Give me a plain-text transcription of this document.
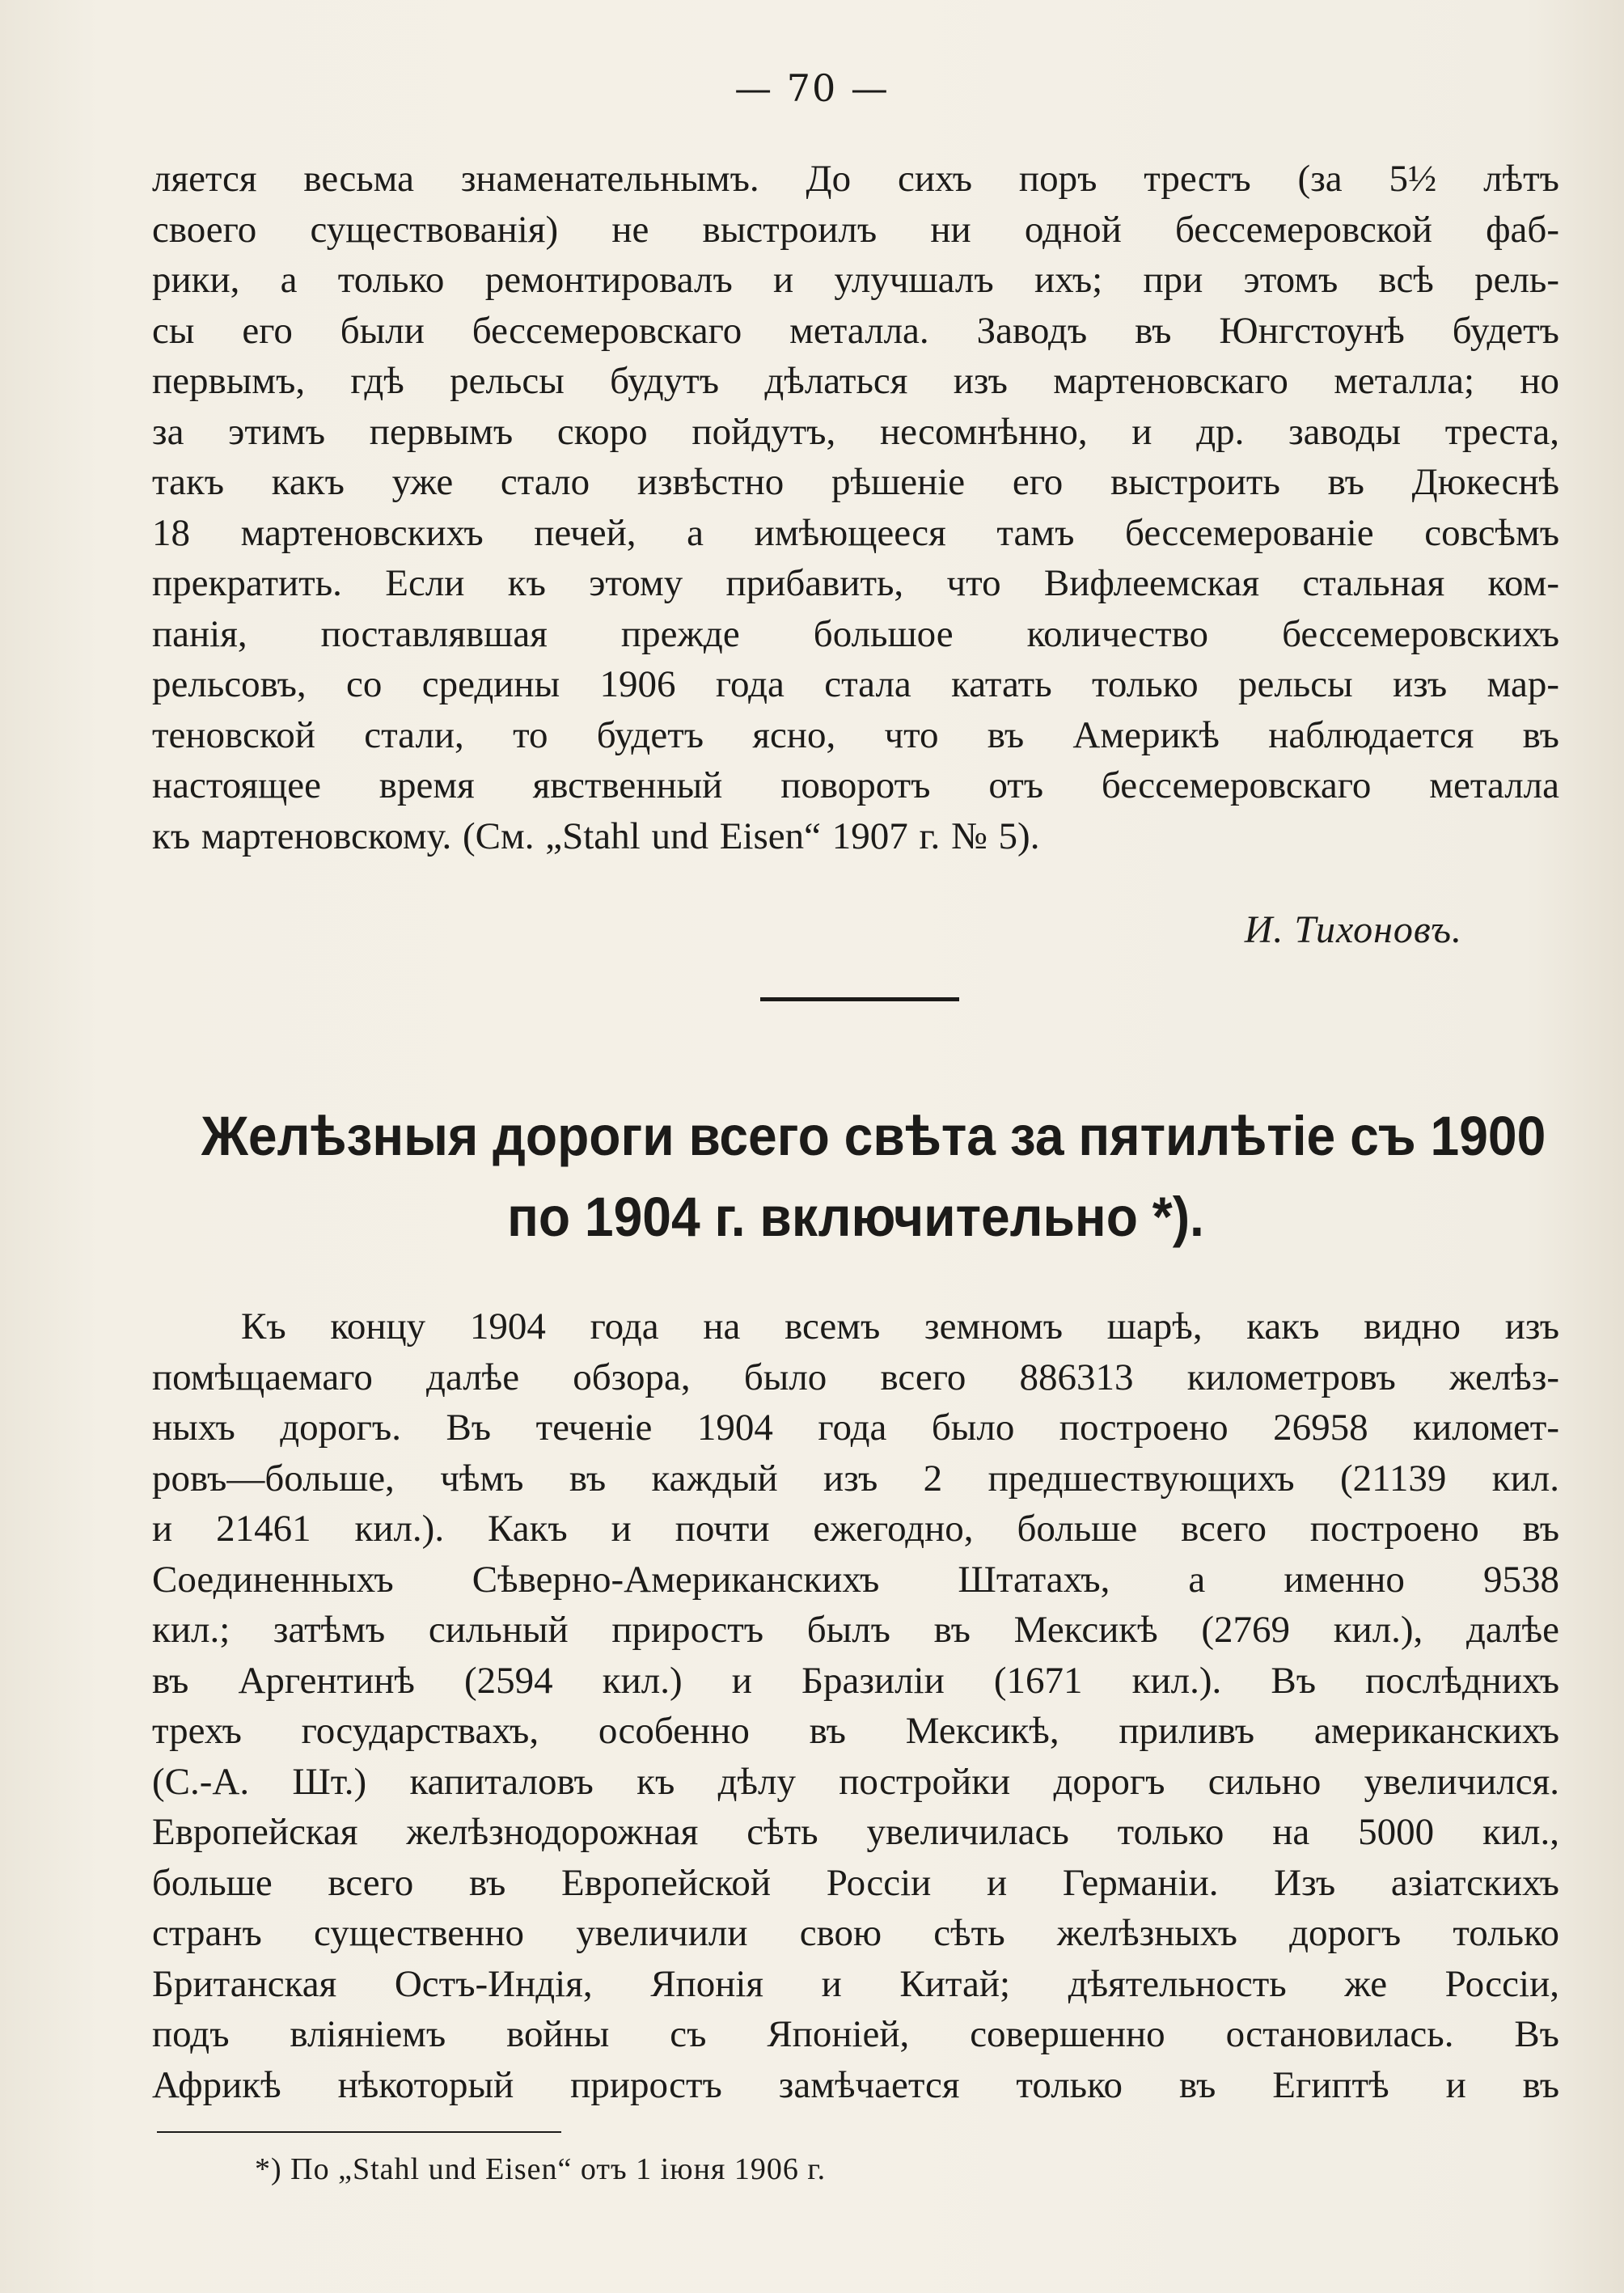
— 70 —
ляется весьма знаменательнымъ. До сихъ поръ трестъ (за 5½ лѣтъ
своего существованія) не выстроилъ ни одной бессемеровской фаб-
рики, а только ремонтировалъ и улучшалъ ихъ; при этомъ всѣ рель-
сы его были бессемеровскаго металла. Заводъ въ Юнгстоунѣ будетъ
первымъ, гдѣ рельсы будутъ дѣлаться изъ мартеновскаго металла; но
за этимъ первымъ скоро пойдутъ, несомнѣнно, и др. заводы треста,
такъ какъ уже стало извѣстно рѣшеніе его выстроить въ Дюкеснѣ
18 мартеновскихъ печей, а имѣющееся тамъ бессемерованіе совсѣмъ
прекратить. Если къ этому прибавить, что Вифлеемская стальная ком-
панія, поставлявшая прежде большое количество бессемеровскихъ
рельсовъ, со средины 1906 года стала катать только рельсы изъ мар-
теновской стали, то будетъ ясно, что въ Америкѣ наблюдается въ
настоящее время явственный поворотъ отъ бессемеровскаго металла
къ мартеновскому. (См. „Stahl und Eisen“ 1907 г. № 5).
И. Тихоновъ.
Желѣзныя дороги всего свѣта за пятилѣтіе съ 1900
по 1904 г. включительно *).
Къ концу 1904 года на всемъ земномъ шарѣ, какъ видно изъ
помѣщаемаго далѣе обзора, было всего 886313 километровъ желѣз-
ныхъ дорогъ. Въ теченіе 1904 года было построено 26958 километ-
ровъ—больше, чѣмъ въ каждый изъ 2 предшествующихъ (21139 кил.
и 21461 кил.). Какъ и почти ежегодно, больше всего построено въ
Соединенныхъ Сѣверно-Американскихъ Штатахъ, а именно 9538
кил.; затѣмъ сильный приростъ былъ въ Мексикѣ (2769 кил.), далѣе
въ Аргентинѣ (2594 кил.) и Бразиліи (1671 кил.). Въ послѣднихъ
трехъ государствахъ, особенно въ Мексикѣ, приливъ американскихъ
(С.-А. Шт.) капиталовъ къ дѣлу постройки дорогъ сильно увеличился.
Европейская желѣзнодорожная сѣть увеличилась только на 5000 кил.,
больше всего въ Европейской Россіи и Германіи. Изъ азіатскихъ
странъ существенно увеличили свою сѣть желѣзныхъ дорогъ только
Британская Остъ-Индія, Японія и Китай; дѣятельность же Россіи,
подъ вліяніемъ войны съ Японіей, совершенно остановилась. Въ
Африкѣ нѣкоторый приростъ замѣчается только въ Египтѣ и въ
*) По „Stahl und Eisen“ отъ 1 іюня 1906 г.
